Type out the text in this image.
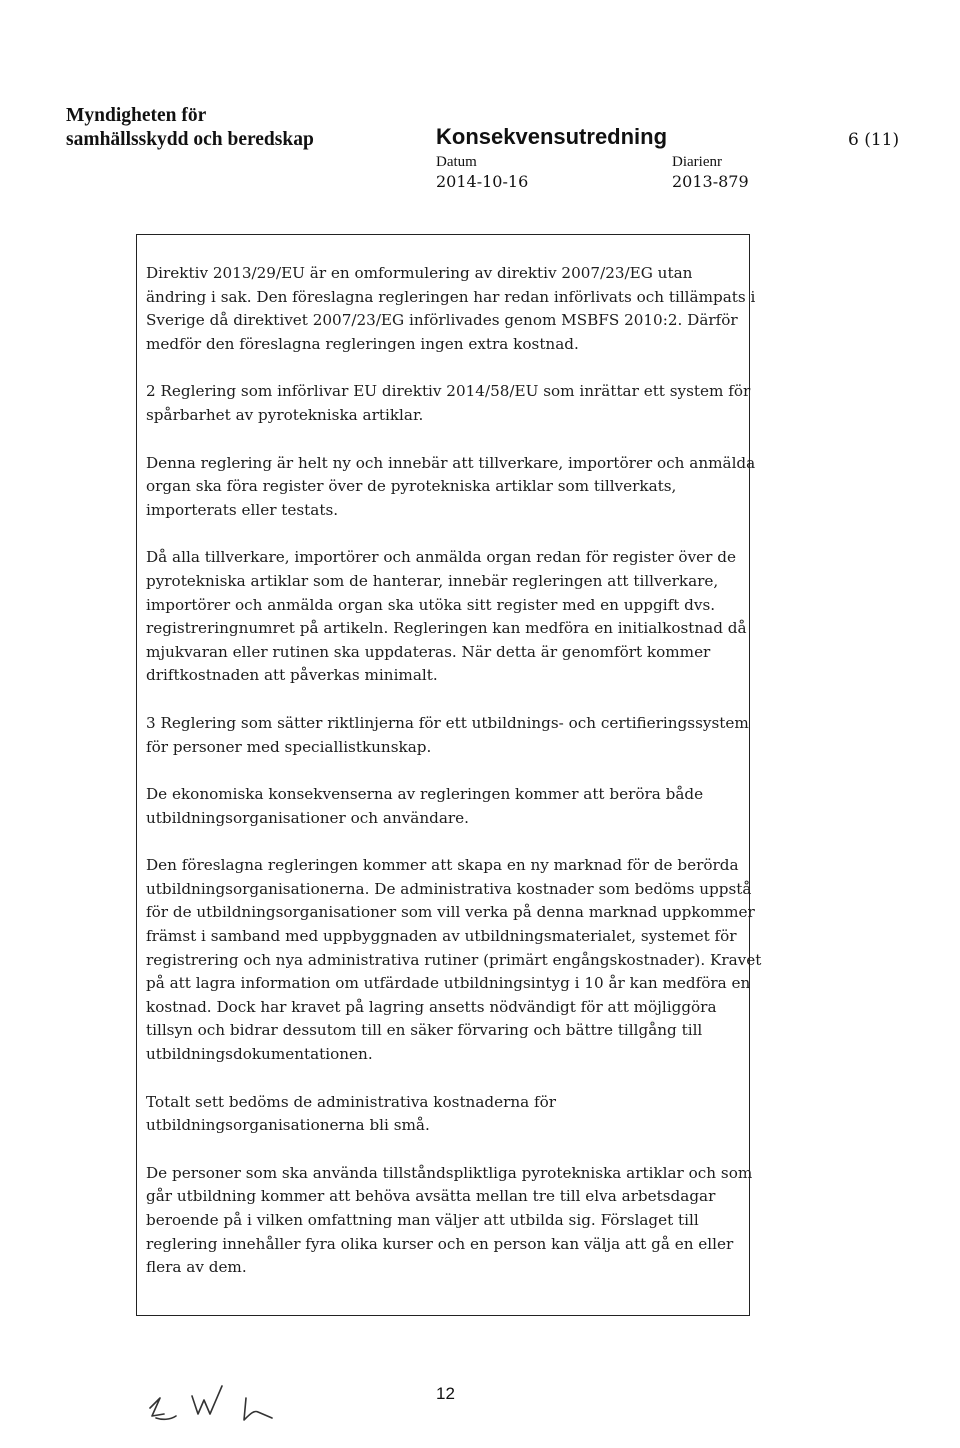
Myndigheten för
samhällsskydd och beredskap	Konsekvensutredning	6 (11)
Datum	Diarienr
2014-10-16	2013-879

Direktiv 2013/29/EU är en omformulering av direktiv 2007/23/EG utan
ändring i sak. Den föreslagna regleringen har redan införlivats och tillämpats i
Sverige då direktivet 2007/23/EG införlivades genom MSBFS 2010:2. Därför
medför den föreslagna regleringen ingen extra kostnad.

2 Reglering som införlivar EU direktiv 2014/58/EU som inrättar ett system för
spårbarhet av pyrotekniska artiklar.

Denna reglering är helt ny och innebär att tillverkare, importörer och anmälda
organ ska föra register över de pyrotekniska artiklar som tillverkats,
importerats eller testats.

Då alla tillverkare, importörer och anmälda organ redan för register över de
pyrotekniska artiklar som de hanterar, innebär regleringen att tillverkare,
importörer och anmälda organ ska utöka sitt register med en uppgift dvs.
registreringnumret på artikeln. Regleringen kan medföra en initialkostnad då
mjukvaran eller rutinen ska uppdateras. När detta är genomfört kommer
driftkostnaden att påverkas minimalt.

3 Reglering som sätter riktlinjerna för ett utbildnings- och certifieringssystem
för personer med speciallistkunskap.

De ekonomiska konsekvenserna av regleringen kommer att beröra både
utbildningsorganisationer och användare.

Den föreslagna regleringen kommer att skapa en ny marknad för de berörda
utbildningsorganisationerna. De administrativa kostnader som bedöms uppstå
för de utbildningsorganisationer som vill verka på denna marknad uppkommer
främst i samband med uppbyggnaden av utbildningsmaterialet, systemet för
registrering och nya administrativa rutiner (primärt engångskostnader). Kravet
på att lagra information om utfärdade utbildningsintyg i 10 år kan medföra en
kostnad. Dock har kravet på lagring ansetts nödvändigt för att möjliggöra
tillsyn och bidrar dessutom till en säker förvaring och bättre tillgång till
utbildningsdokumentationen.

Totalt sett bedöms de administrativa kostnaderna för
utbildningsorganisationerna bli små.

De personer som ska använda tillståndspliktliga pyrotekniska artiklar och som
går utbildning kommer att behöva avsätta mellan tre till elva arbetsdagar
beroende på i vilken omfattning man väljer att utbilda sig. Förslaget till
reglering innehåller fyra olika kurser och en person kan välja att gå en eller
flera av dem.

12
